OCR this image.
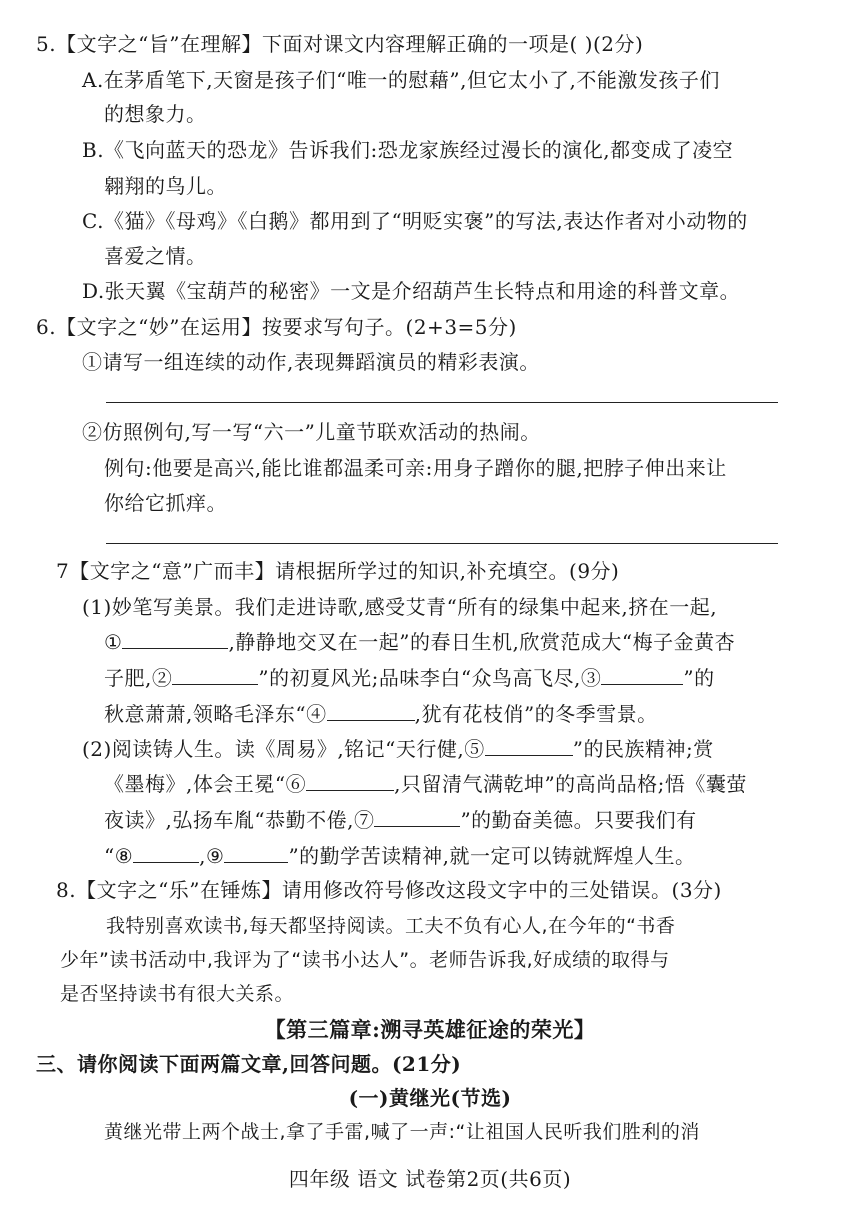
5.【文字之“旨”在理解】下面对课文内容理解正确的一项是( )(2分)
A.在茅盾笔下,天窗是孩子们“唯一的慰藉”,但它太小了,不能激发孩子们
的想象力。
B.《飞向蓝天的恐龙》告诉我们:恐龙家族经过漫长的演化,都变成了凌空
翱翔的鸟儿。
C.《猫》《母鸡》《白鹅》都用到了“明贬实褒”的写法,表达作者对小动物的
喜爱之情。
D.张天翼《宝葫芦的秘密》一文是介绍葫芦生长特点和用途的科普文章。
6.【文字之“妙”在运用】按要求写句子。(2+3=5分)
①请写一组连续的动作,表现舞蹈演员的精彩表演。
②仿照例句,写一写“六一”儿童节联欢活动的热闹。
例句:他要是高兴,能比谁都温柔可亲:用身子蹭你的腿,把脖子伸出来让
你给它抓痒。
7【文字之“意”广而丰】请根据所学过的知识,补充填空。(9分)
(1)妙笔写美景。我们走进诗歌,感受艾青“所有的绿集中起来,挤在一起,
①	,静静地交叉在一起”的春日生机,欣赏范成大“梅子金黄杏
子肥,②	”的初夏风光;品味李白“众鸟高飞尽,③	”的
秋意萧萧,领略毛泽东“④	,犹有花枝俏”的冬季雪景。
(2)阅读铸人生。读《周易》,铭记“天行健,⑤	”的民族精神;赏
《墨梅》,体会王冕“⑥	,只留清气满乾坤”的高尚品格;悟《囊萤
夜读》,弘扬车胤“恭勤不倦,⑦	”的勤奋美德。只要我们有
“⑧	,⑨	”的勤学苦读精神,就一定可以铸就辉煌人生。
8.【文字之“乐”在锤炼】请用修改符号修改这段文字中的三处错误。(3分)
我特别喜欢读书,每天都坚持阅读。工夫不负有心人,在今年的“书香
少年”读书活动中,我评为了“读书小达人”。老师告诉我,好成绩的取得与
是否坚持读书有很大关系。
【第三篇章:溯寻英雄征途的荣光】
三、请你阅读下面两篇文章,回答问题。(21分)
(一)黄继光(节选)
黄继光带上两个战士,拿了手雷,喊了一声:“让祖国人民听我们胜利的消
四年级 语文 试卷第2页(共6页)
